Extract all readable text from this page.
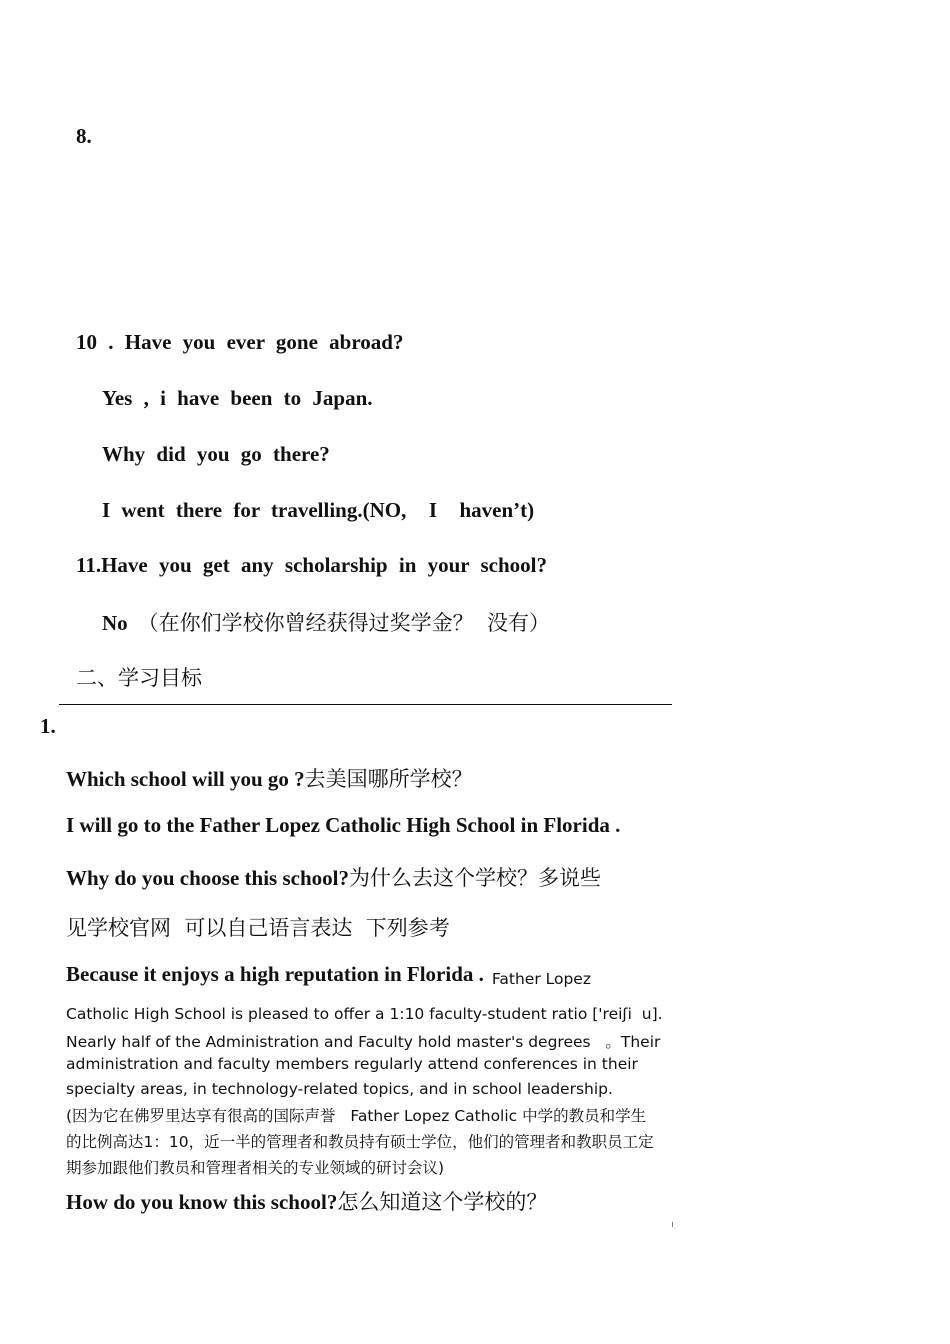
8.

10 . Have you ever gone abroad?

Yes , i have been to Japan.

Why did you go there?

I went there for travelling.(NO,  I  haven’t)

11.Have you get any scholarship in your school?

No （在你们学校你曾经获得过奖学金？  没有）

二、学习目标

1.

Which school will you go ?去美国哪所学校？

I will go to the Father Lopez Catholic High School in Florida .

Why do you choose this school?为什么去这个学校？多说些

见学校官网  可以自己语言表达  下列参考

Because it enjoys a high reputation in Florida . Father Lopez

Catholic High School is pleased to offer a 1:10 faculty-student ratio ['reiʃi  u].

Nearly half of the Administration and Faculty hold master's degrees   。Their

administration and faculty members regularly attend conferences in their

specialty areas, in technology-related topics, and in school leadership.

(因为它在佛罗里达享有很高的国际声誉   Father Lopez Catholic 中学的教员和学生

的比例高达1：10，近一半的管理者和教员持有硕士学位，他们的管理者和教职员工定

期参加跟他们教员和管理者相关的专业领域的研讨会议)

How do you know this school?怎么知道这个学校的？
